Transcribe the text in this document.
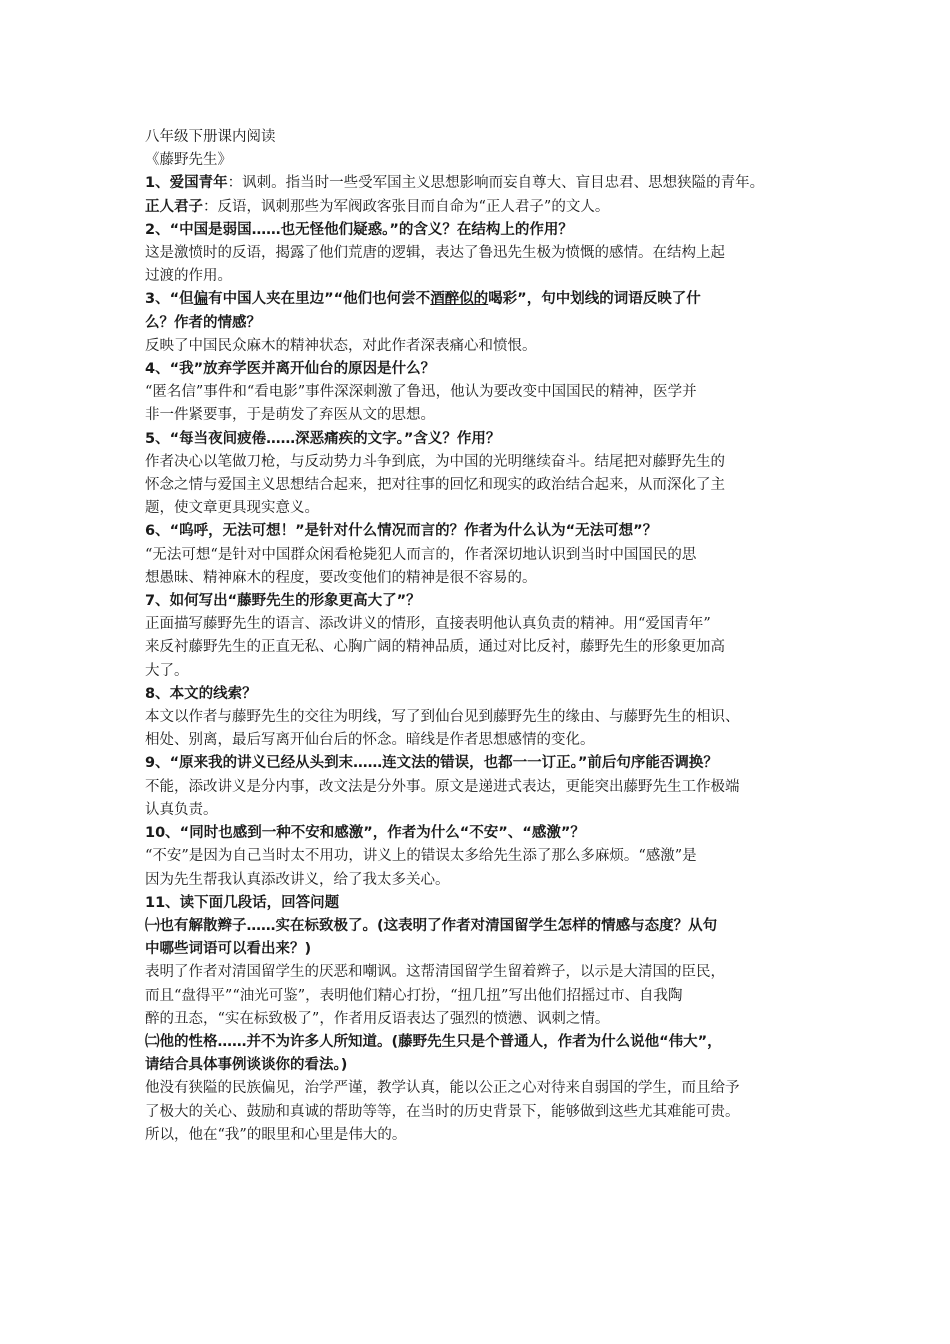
八年级下册课内阅读
《藤野先生》
1、爱国青年：讽刺。指当时一些受军国主义思想影响而妄自尊大、盲目忠君、思想狭隘的青年。
正人君子：反语，讽刺那些为军阀政客张目而自命为“正人君子”的文人。
2、“中国是弱国……也无怪他们疑惑。”的含义？在结构上的作用？
这是激愤时的反语，揭露了他们荒唐的逻辑，表达了鲁迅先生极为愤慨的感情。在结构上起
过渡的作用。
3、“但偏有中国人夹在里边”“他们也何尝不酒醉似的喝彩”，句中划线的词语反映了什
么？作者的情感？
反映了中国民众麻木的精神状态，对此作者深表痛心和愤恨。
4、“我”放弃学医并离开仙台的原因是什么？
“匿名信”事件和“看电影”事件深深刺激了鲁迅，他认为要改变中国国民的精神，医学并
非一件紧要事，于是萌发了弃医从文的思想。
5、“每当夜间疲倦……深恶痛疾的文字。”含义？作用？
作者决心以笔做刀枪，与反动势力斗争到底，为中国的光明继续奋斗。结尾把对藤野先生的
怀念之情与爱国主义思想结合起来，把对往事的回忆和现实的政治结合起来，从而深化了主
题，使文章更具现实意义。
6、“呜呼，无法可想！”是针对什么情况而言的？作者为什么认为“无法可想”？
“无法可想“是针对中国群众闲看枪毙犯人而言的，作者深切地认识到当时中国国民的思
想愚昧、精神麻木的程度，要改变他们的精神是很不容易的。
7、如何写出“藤野先生的形象更高大了”？
正面描写藤野先生的语言、添改讲义的情形，直接表明他认真负责的精神。用“爱国青年”
来反衬藤野先生的正直无私、心胸广阔的精神品质，通过对比反衬，藤野先生的形象更加高
大了。
8、本文的线索？
本文以作者与藤野先生的交往为明线，写了到仙台见到藤野先生的缘由、与藤野先生的相识、
相处、别离，最后写离开仙台后的怀念。暗线是作者思想感情的变化。
9、“原来我的讲义已经从头到末……连文法的错误，也都一一订正。”前后句序能否调换？
不能，添改讲义是分内事，改文法是分外事。原文是递进式表达，更能突出藤野先生工作极端
认真负责。
10、“同时也感到一种不安和感激”，作者为什么“不安”、“感激”？
“不安”是因为自己当时太不用功，讲义上的错误太多给先生添了那么多麻烦。“感激”是
因为先生帮我认真添改讲义，给了我太多关心。
11、读下面几段话，回答问题
㈠也有解散辫子……实在标致极了。(这表明了作者对清国留学生怎样的情感与态度？从句
中哪些词语可以看出来？)
表明了作者对清国留学生的厌恶和嘲讽。这帮清国留学生留着辫子，以示是大清国的臣民，
而且“盘得平”“油光可鉴”，表明他们精心打扮，“扭几扭”写出他们招摇过市、自我陶
醉的丑态，“实在标致极了”，作者用反语表达了强烈的愤懑、讽刺之情。
㈡他的性格……并不为许多人所知道。(藤野先生只是个普通人，作者为什么说他“伟大”，
请结合具体事例谈谈你的看法。)
他没有狭隘的民族偏见，治学严谨，教学认真，能以公正之心对待来自弱国的学生，而且给予
了极大的关心、鼓励和真诚的帮助等等，在当时的历史背景下，能够做到这些尤其难能可贵。
所以，他在“我”的眼里和心里是伟大的。
